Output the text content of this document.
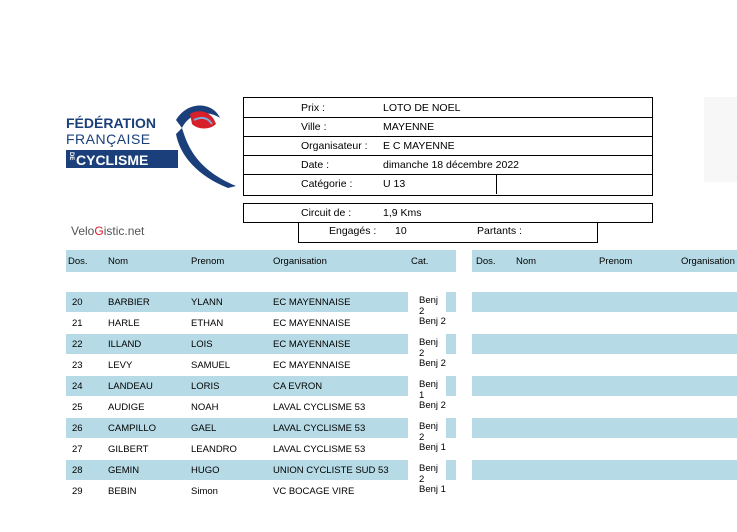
FÉDÉRATION
FRANÇAISE
DE CYCLISME
VeloGistic.net
Prix :	LOTO DE NOEL
Ville :	MAYENNE
Organisateur : E C MAYENNE
Date :	dimanche 18 décembre 2022
Catégorie :	U 13
Circuit de :	1,9 Kms
Engagés : 10	Partants :
Dos. Nom	Prenom	Organisation	Cat.	Dos. Nom	Prenom	Organisation
20	BARBIER	YLANN	EC MAYENNAISE	Benj 2
21	HARLE	ETHAN	EC MAYENNAISE	Benj 2
22	ILLAND	LOIS	EC MAYENNAISE	Benj 2
23	LEVY	SAMUEL	EC MAYENNAISE	Benj 2
24	LANDEAU	LORIS	CA EVRON	Benj 1
25	AUDIGE	NOAH	LAVAL CYCLISME 53	Benj 2
26	CAMPILLO	GAEL	LAVAL CYCLISME 53	Benj 2
27	GILBERT	LEANDRO	LAVAL CYCLISME 53	Benj 1
28	GEMIN	HUGO	UNION CYCLISTE SUD 53	Benj 2
29	BEBIN	Simon	VC BOCAGE VIRE	Benj 1
